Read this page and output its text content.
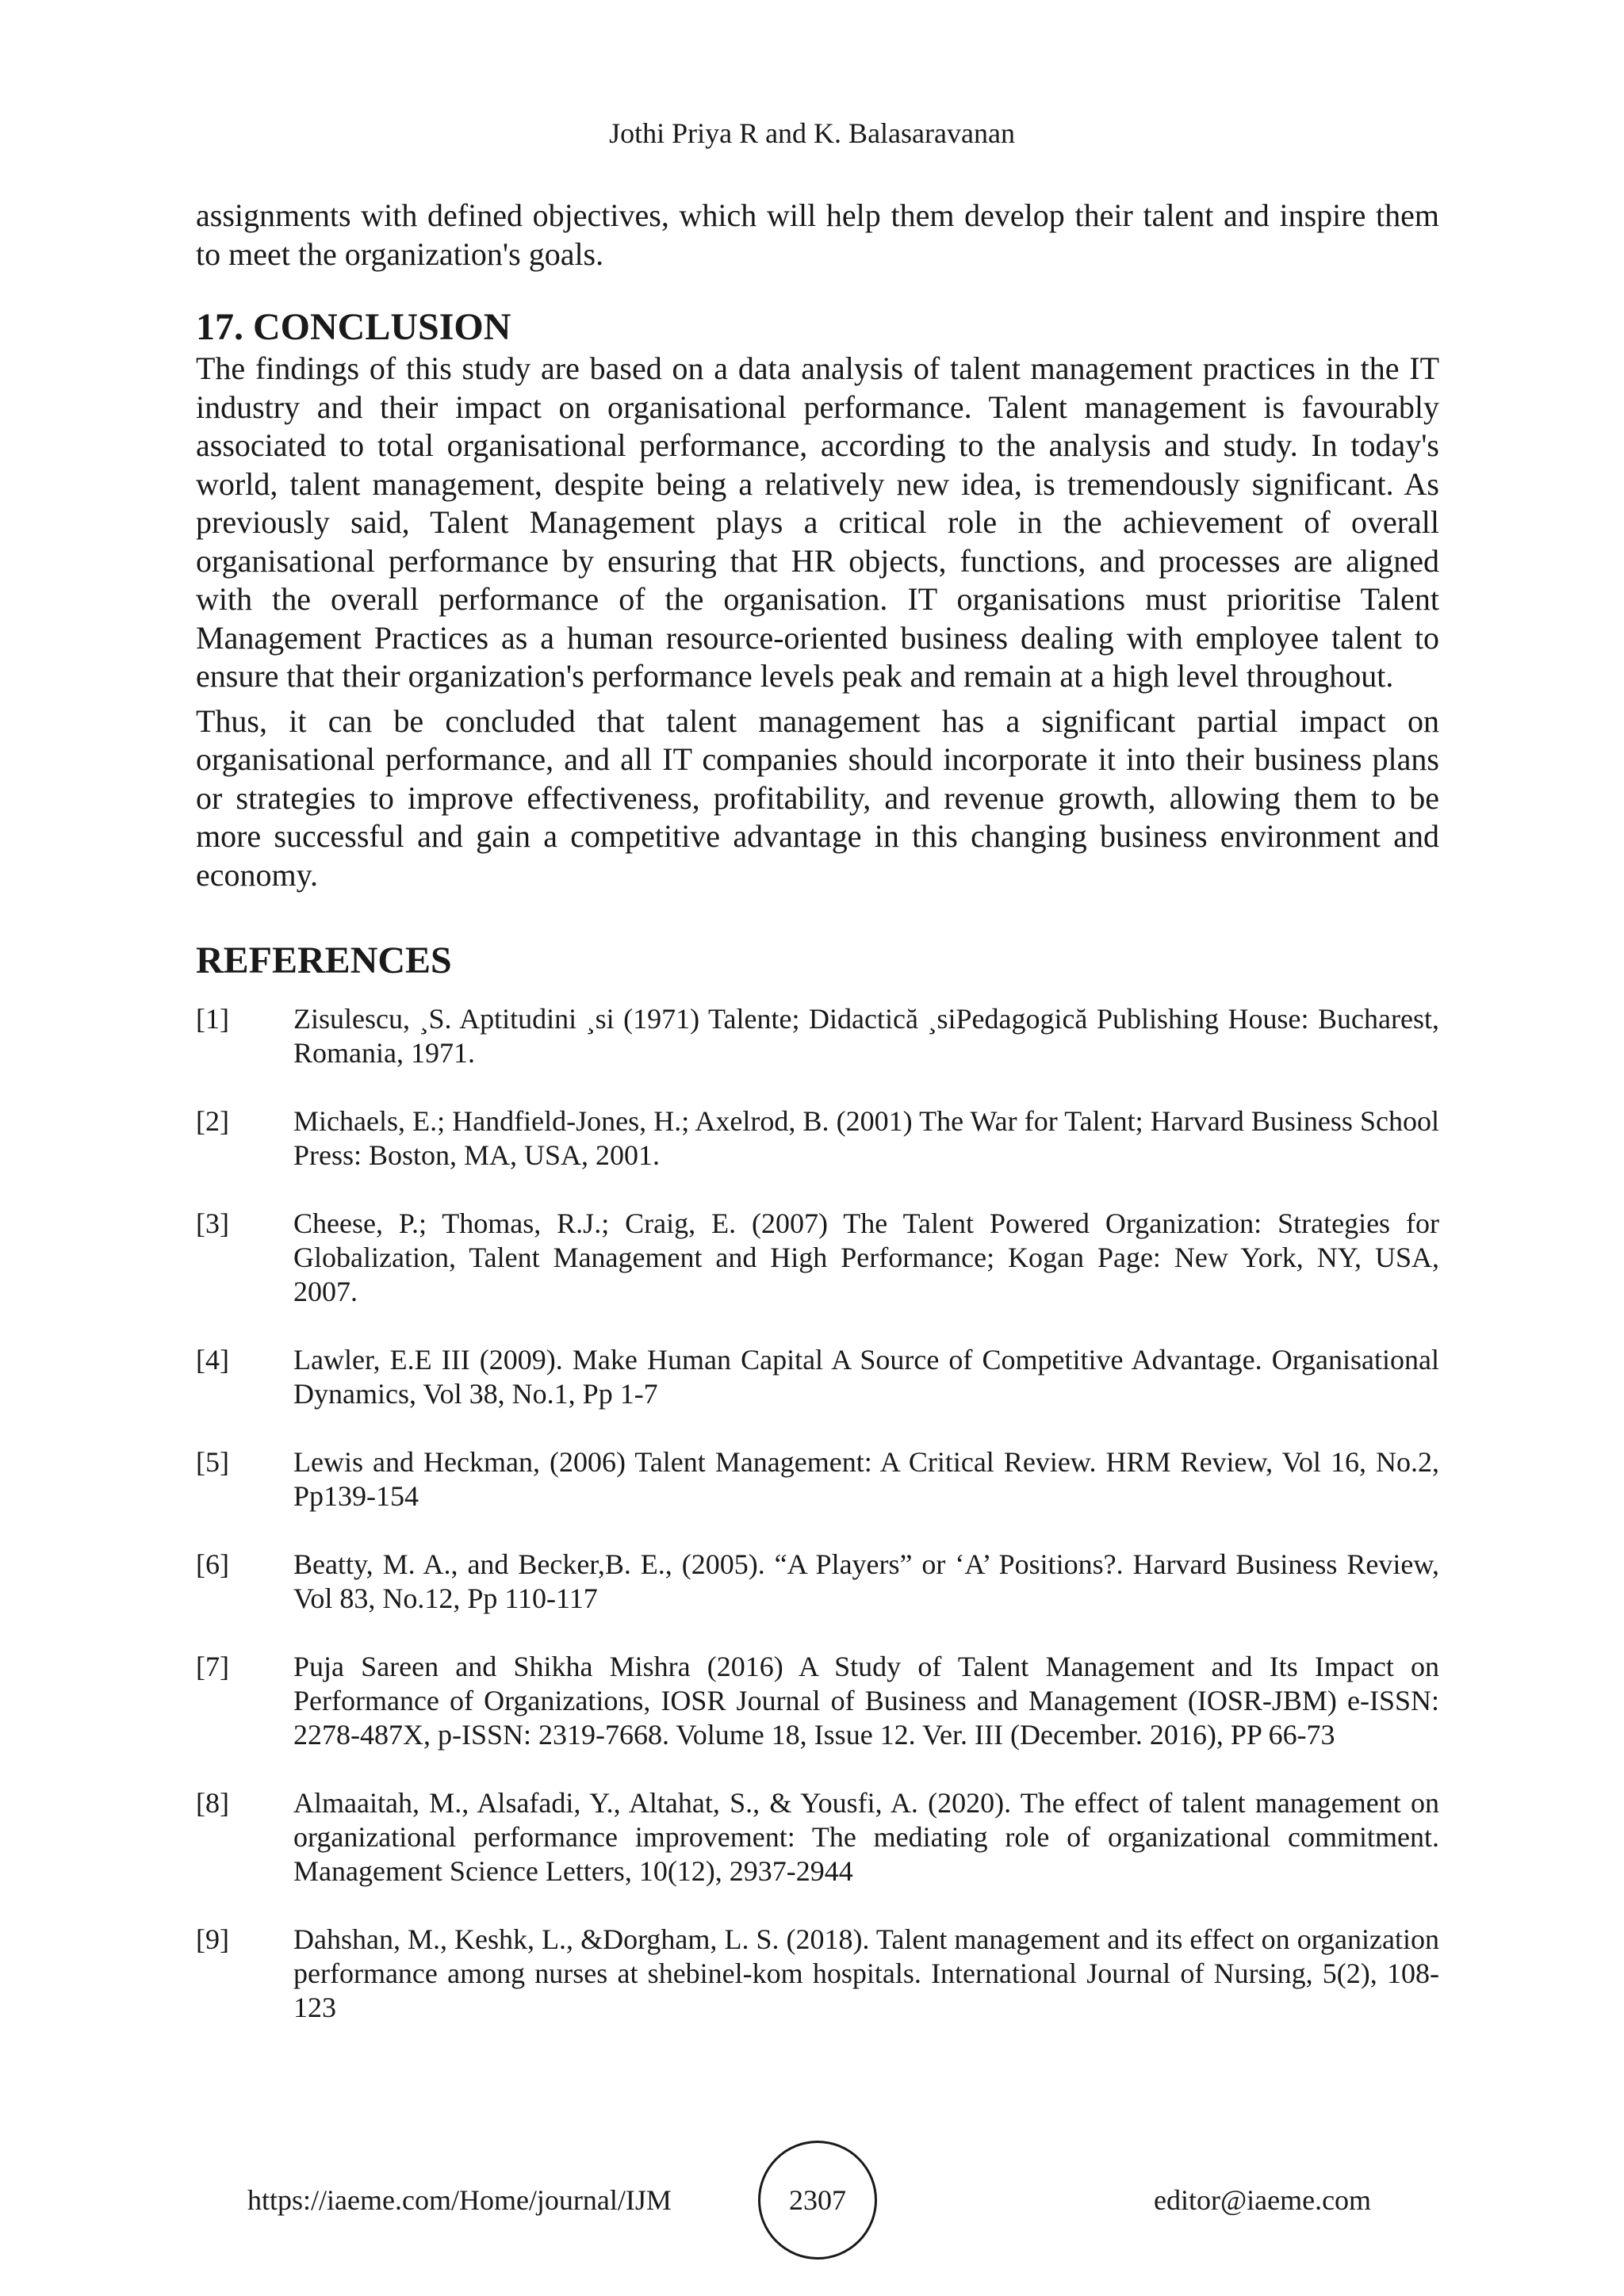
Jothi Priya R and K. Balasaravanan

assignments with defined objectives, which will help them develop their talent and inspire them to meet the organization's goals.

17. CONCLUSION

The findings of this study are based on a data analysis of talent management practices in the IT industry and their impact on organisational performance. Talent management is favourably associated to total organisational performance, according to the analysis and study. In today's world, talent management, despite being a relatively new idea, is tremendously significant. As previously said, Talent Management plays a critical role in the achievement of overall organisational performance by ensuring that HR objects, functions, and processes are aligned with the overall performance of the organisation. IT organisations must prioritise Talent Management Practices as a human resource-oriented business dealing with employee talent to ensure that their organization's performance levels peak and remain at a high level throughout.

Thus, it can be concluded that talent management has a significant partial impact on organisational performance, and all IT companies should incorporate it into their business plans or strategies to improve effectiveness, profitability, and revenue growth, allowing them to be more successful and gain a competitive advantage in this changing business environment and economy.

REFERENCES
[1]	Zisulescu, ¸S. Aptitudini ¸si (1971) Talente; Didactică ¸siPedagogică Publishing House: Bucharest, Romania, 1971.
[2]	Michaels, E.; Handfield-Jones, H.; Axelrod, B. (2001) The War for Talent; Harvard Business School Press: Boston, MA, USA, 2001.
[3]	Cheese, P.; Thomas, R.J.; Craig, E. (2007) The Talent Powered Organization: Strategies for Globalization, Talent Management and High Performance; Kogan Page: New York, NY, USA, 2007.
[4]	Lawler, E.E III (2009). Make Human Capital A Source of Competitive Advantage. Organisational Dynamics, Vol 38, No.1, Pp 1-7
[5]	Lewis and Heckman, (2006) Talent Management: A Critical Review. HRM Review, Vol 16, No.2, Pp139-154
[6]	Beatty, M. A., and Becker,B. E., (2005). “A Players” or ‘A’ Positions?. Harvard Business Review, Vol 83, No.12, Pp 110-117
[7]	Puja Sareen and Shikha Mishra (2016) A Study of Talent Management and Its Impact on Performance of Organizations, IOSR Journal of Business and Management (IOSR-JBM) e-ISSN: 2278-487X, p-ISSN: 2319-7668. Volume 18, Issue 12. Ver. III (December. 2016), PP 66-73
[8]	Almaaitah, M., Alsafadi, Y., Altahat, S., & Yousfi, A. (2020). The effect of talent management on organizational performance improvement: The mediating role of organizational commitment. Management Science Letters, 10(12), 2937-2944
[9]	Dahshan, M., Keshk, L., &Dorgham, L. S. (2018). Talent management and its effect on organization performance among nurses at shebinel-kom hospitals. International Journal of Nursing, 5(2), 108-123
https://iaeme.com/Home/journal/IJM	2307	editor@iaeme.com
